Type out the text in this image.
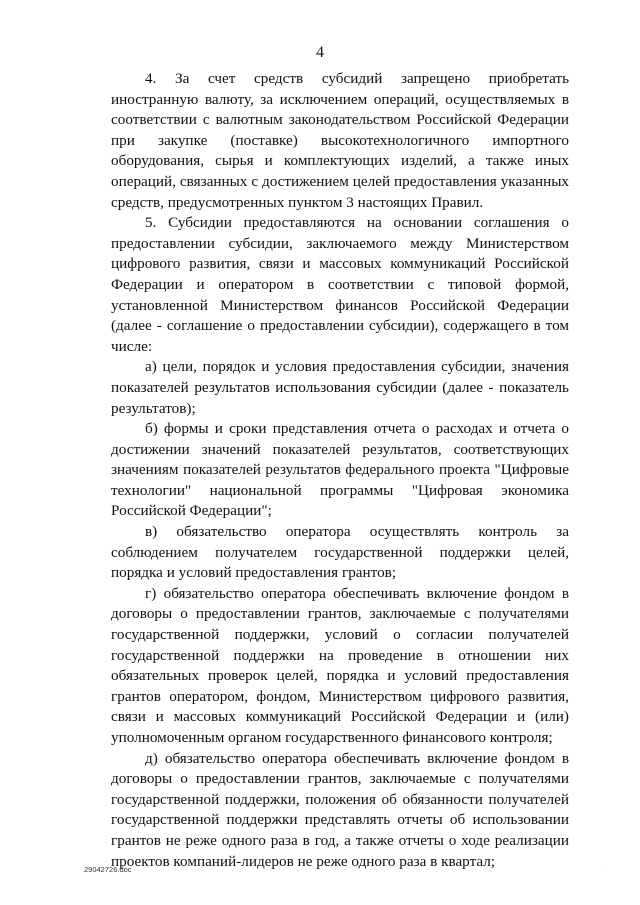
4

4. За счет средств субсидий запрещено приобретать иностранную валюту, за исключением операций, осуществляемых в соответствии с валютным законодательством Российской Федерации при закупке (поставке) высокотехнологичного импортного оборудования, сырья и комплектующих изделий, а также иных операций, связанных с достижением целей предоставления указанных средств, предусмотренных пунктом 3 настоящих Правил.

5. Субсидии предоставляются на основании соглашения о предоставлении субсидии, заключаемого между Министерством цифрового развития, связи и массовых коммуникаций Российской Федерации и оператором в соответствии с типовой формой, установленной Министерством финансов Российской Федерации (далее - соглашение о предоставлении субсидии), содержащего в том числе:

а) цели, порядок и условия предоставления субсидии, значения показателей результатов использования субсидии (далее - показатель результатов);

б) формы и сроки представления отчета о расходах и отчета о достижении значений показателей результатов, соответствующих значениям показателей результатов федерального проекта "Цифровые технологии" национальной программы "Цифровая экономика Российской Федерации";

в) обязательство оператора осуществлять контроль за соблюдением получателем государственной поддержки целей, порядка и условий предоставления грантов;

г) обязательство оператора обеспечивать включение фондом в договоры о предоставлении грантов, заключаемые с получателями государственной поддержки, условий о согласии получателей государственной поддержки на проведение в отношении них обязательных проверок целей, порядка и условий предоставления грантов оператором, фондом, Министерством цифрового развития, связи и массовых коммуникаций Российской Федерации и (или) уполномоченным органом государственного финансового контроля;

д) обязательство оператора обеспечивать включение фондом в договоры о предоставлении грантов, заключаемые с получателями государственной поддержки, положения об обязанности получателей государственной поддержки представлять отчеты об использовании грантов не реже одного раза в год, а также отчеты о ходе реализации проектов компаний-лидеров не реже одного раза в квартал;

29042726.doc	·
